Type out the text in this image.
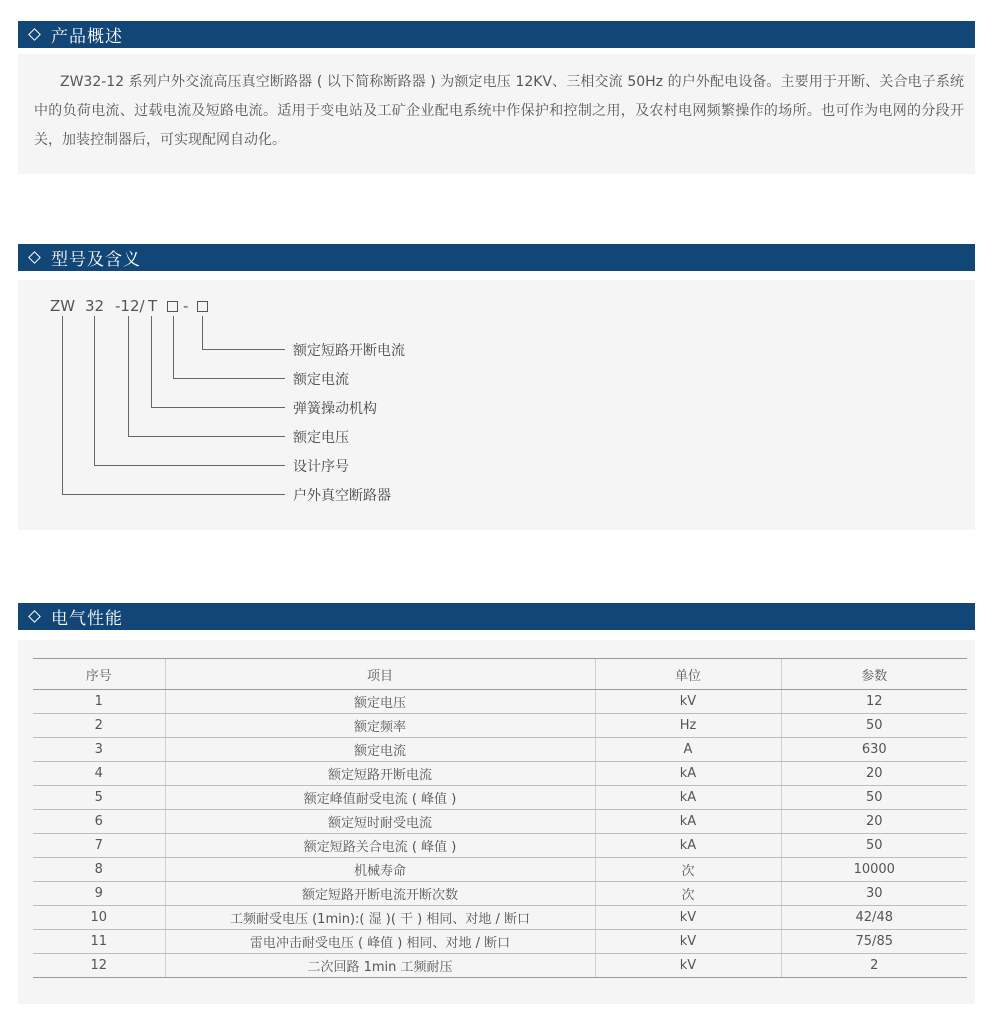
产品概述
ZW32-12 系列户外交流高压真空断路器 ( 以下简称断路器 ) 为额定电压 12KV、三相交流 50Hz 的户外配电设备。主要用于开断、关合电子系统中的负荷电流、过载电流及短路电流。适用于变电站及工矿企业配电系统中作保护和控制之用，及农村电网频繁操作的场所。也可作为电网的分段开关，加装控制器后，可实现配网自动化。
型号及含义
ZW 32 -12/ T -
额定短路开断电流
额定电流
弹簧操动机构
额定电压
设计序号
户外真空断路器
电气性能
序号	项目	单位	参数
1	额定电压	kV	12
2	额定频率	Hz	50
3	额定电流	A	630
4	额定短路开断电流	kA	20
5	额定峰值耐受电流 ( 峰值 )	kA	50
6	额定短时耐受电流	kA	20
7	额定短路关合电流 ( 峰值 )	kA	50
8	机械寿命	次	10000
9	额定短路开断电流开断次数	次	30
10	工频耐受电压 (1min):( 湿 )( 干 ) 相同、对地 / 断口	kV	42/48
11	雷电冲击耐受电压 ( 峰值 ) 相同、对地 / 断口	kV	75/85
12	二次回路 1min 工频耐压	kV	2
